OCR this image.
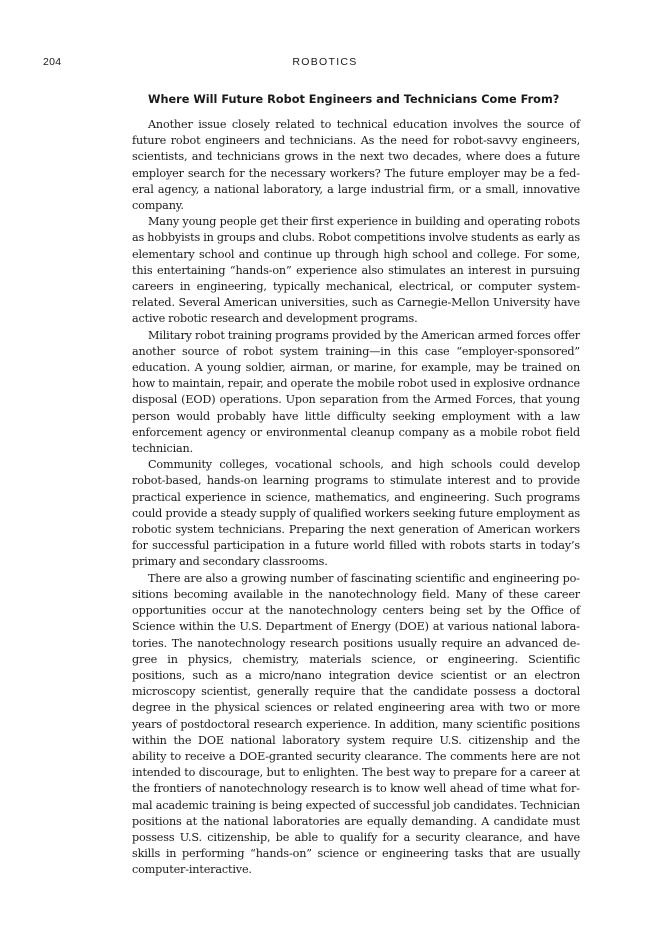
204	ROBOTICS
Where Will Future Robot Engineers and Technicians Come From?

Another issue closely related to technical education involves the source of future robot engineers and technicians. As the need for robot-savvy engineers, scientists, and technicians grows in the next two decades, where does a future employer search for the necessary workers? The future employer may be a federal agency, a national laboratory, a large industrial firm, or a small, innovative company.

Many young people get their first experience in building and operating robots as hobbyists in groups and clubs. Robot competitions involve students as early as elementary school and continue up through high school and college. For some, this entertaining “hands-on” experience also stimulates an interest in pursuing careers in engineering, typically mechanical, electrical, or computer system-related. Several American universities, such as Carnegie-Mellon University have active robotic research and development programs.

Military robot training programs provided by the American armed forces offer another source of robot system training—in this case “employer-sponsored” education. A young soldier, airman, or marine, for example, may be trained on how to maintain, repair, and operate the mobile robot used in explosive ordnance disposal (EOD) operations. Upon separation from the Armed Forces, that young person would probably have little difficulty seeking employment with a law enforcement agency or environmental cleanup company as a mobile robot field technician.

Community colleges, vocational schools, and high schools could develop robot-based, hands-on learning programs to stimulate interest and to provide practical experience in science, mathematics, and engineering. Such programs could provide a steady supply of qualified workers seeking future employment as robotic system technicians. Preparing the next generation of American workers for successful participation in a future world filled with robots starts in today’s primary and secondary classrooms.

There are also a growing number of fascinating scientific and engineering positions becoming available in the nanotechnology field. Many of these career opportunities occur at the nanotechnology centers being set by the Office of Science within the U.S. Department of Energy (DOE) at various national laboratories. The nanotechnology research positions usually require an advanced degree in physics, chemistry, materials science, or engineering. Scientific positions, such as a micro/nano integration device scientist or an electron microscopy scientist, generally require that the candidate possess a doctoral degree in the physical sciences or related engineering area with two or more years of postdoctoral research experience. In addition, many scientific positions within the DOE national laboratory system require U.S. citizenship and the ability to receive a DOE-granted security clearance. The comments here are not intended to discourage, but to enlighten. The best way to prepare for a career at the frontiers of nanotechnology research is to know well ahead of time what formal academic training is being expected of successful job candidates. Technician positions at the national laboratories are equally demanding. A candidate must possess U.S. citizenship, be able to qualify for a security clearance, and have skills in performing “hands-on” science or engineering tasks that are usually computer-interactive.
